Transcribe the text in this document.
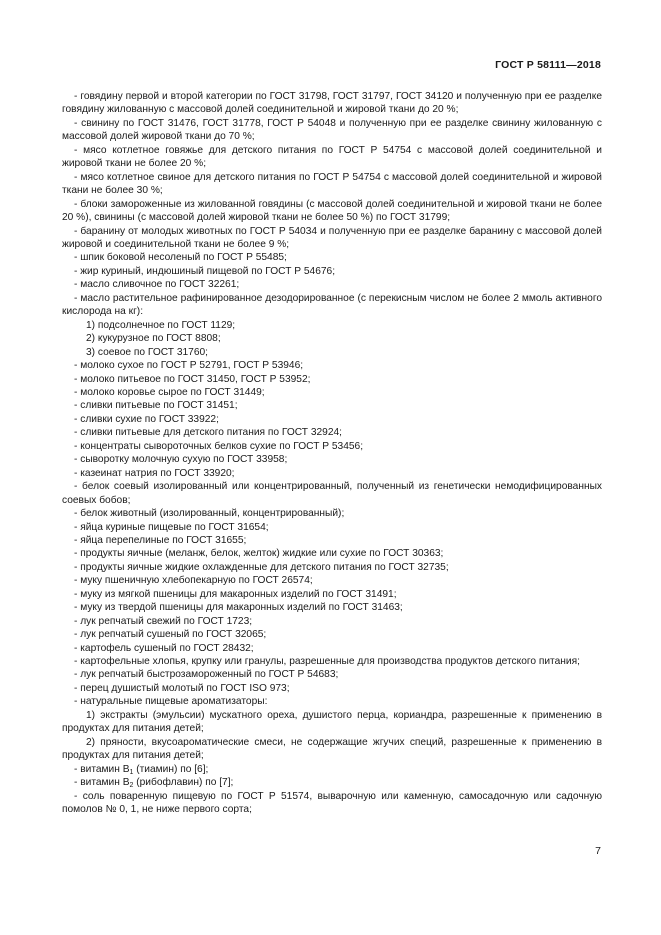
ГОСТ Р 58111—2018

- говядину первой и второй категории по ГОСТ 31798, ГОСТ 31797, ГОСТ 34120 и полученную при ее разделке говядину жилованную с массовой долей соединительной и жировой ткани до 20 %;

- свинину по ГОСТ 31476, ГОСТ 31778, ГОСТ Р 54048 и полученную при ее разделке свинину жилованную с массовой долей жировой ткани до 70 %;

- мясо котлетное говяжье для детского питания по ГОСТ Р 54754 с массовой долей соединительной и жировой ткани не более 20 %;

- мясо котлетное свиное для детского питания по ГОСТ Р 54754 с массовой долей соединительной и жировой ткани не более 30 %;

- блоки замороженные из жилованной говядины (с массовой долей соединительной и жировой ткани не более 20 %), свинины (с массовой долей жировой ткани не более 50 %) по ГОСТ 31799;

- баранину от молодых животных по ГОСТ Р 54034 и полученную при ее разделке баранину с массовой долей жировой и соединительной ткани не более 9 %;

- шпик боковой несоленый по ГОСТ Р 55485;

- жир куриный, индюшиный пищевой по ГОСТ Р 54676;

- масло сливочное по ГОСТ 32261;

- масло растительное рафинированное дезодорированное (с перекисным числом не более 2 ммоль активного кислорода на кг):

1) подсолнечное по ГОСТ 1129;

2) кукурузное по ГОСТ 8808;

3) соевое по ГОСТ 31760;

- молоко сухое по ГОСТ Р 52791, ГОСТ Р 53946;

- молоко питьевое по ГОСТ 31450, ГОСТ Р 53952;

- молоко коровье сырое по ГОСТ 31449;

- сливки питьевые по ГОСТ 31451;

- сливки сухие по ГОСТ 33922;

- сливки питьевые для детского питания по ГОСТ 32924;

- концентраты сывороточных белков сухие по ГОСТ Р 53456;

- сыворотку молочную сухую по ГОСТ 33958;

- казеинат натрия по ГОСТ 33920;

- белок соевый изолированный или концентрированный, полученный из генетически немодифицированных соевых бобов;

- белок животный (изолированный, концентрированный);

- яйца куриные пищевые по ГОСТ 31654;

- яйца перепелиные по ГОСТ 31655;

- продукты яичные (меланж, белок, желток) жидкие или сухие по ГОСТ 30363;

- продукты яичные жидкие охлажденные для детского питания по ГОСТ 32735;

- муку пшеничную хлебопекарную по ГОСТ 26574;

- муку из мягкой пшеницы для макаронных изделий по ГОСТ 31491;

- муку из твердой пшеницы для макаронных изделий по ГОСТ 31463;

- лук репчатый свежий по ГОСТ 1723;

- лук репчатый сушеный по ГОСТ 32065;

- картофель сушеный по ГОСТ 28432;

- картофельные хлопья, крупку или гранулы, разрешенные для производства продуктов детского питания;

- лук репчатый быстрозамороженный по ГОСТ Р 54683;

- перец душистый молотый по ГОСТ ISO 973;

- натуральные пищевые ароматизаторы:

1) экстракты (эмульсии) мускатного ореха, душистого перца, кориандра, разрешенные к применению в продуктах для питания детей;

2) пряности, вкусоароматические смеси, не содержащие жгучих специй, разрешенные к применению в продуктах для питания детей;

- витамин $В_1$ (тиамин) по [6];

- витамин $В_2$ (рибофлавин) по [7];

- соль поваренную пищевую по ГОСТ Р 51574, выварочную или каменную, самосадочную или садочную помолов № 0, 1, не ниже первого сорта;

7
